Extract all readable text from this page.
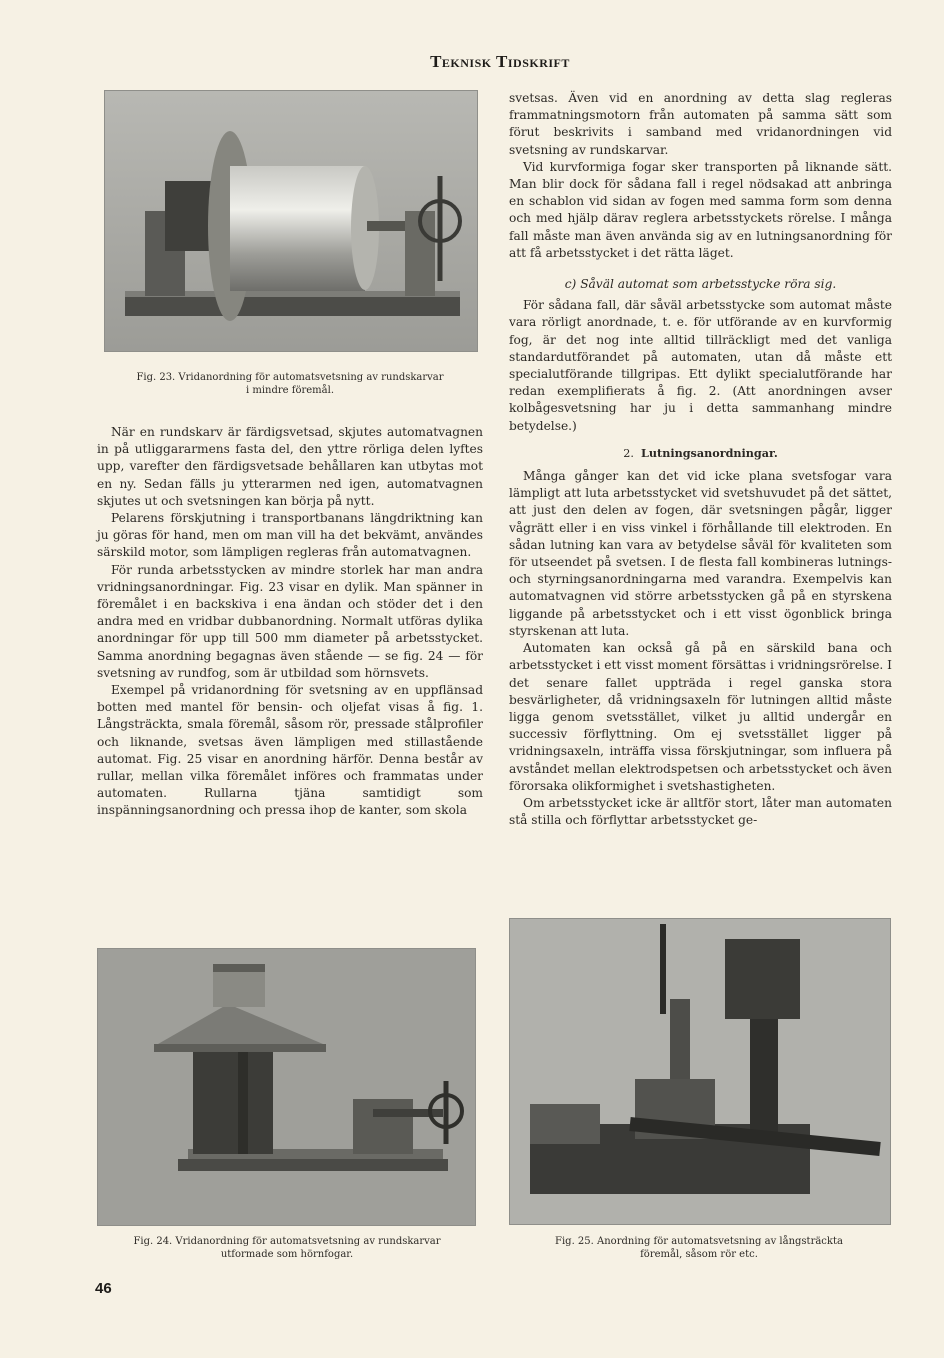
Teknisk Tidskrift
Fig. 23. Vridanordning för automatsvetsning av rundskarvar
i mindre föremål.

När en rundskarv är färdigsvetsad, skjutes automatvagnen in på utliggararmens fasta del, den yttre rörliga delen lyftes upp, varefter den färdigsvetsade behållaren kan utbytas mot en ny. Sedan fälls ju ytterarmen ned igen, automatvagnen skjutes ut och svetsningen kan börja på nytt.

Pelarens förskjutning i transportbanans längdriktning kan ju göras för hand, men om man vill ha det bekvämt, användes särskild motor, som lämpligen regleras från automatvagnen.

För runda arbetsstycken av mindre storlek har man andra vridningsanordningar. Fig. 23 visar en dylik. Man spänner in föremålet i en backskiva i ena ändan och stöder det i den andra med en vridbar dubbanordning. Normalt utföras dylika anordningar för upp till 500 mm diameter på arbetsstycket. Samma anordning begagnas även stående — se fig. 24 — för svetsning av rundfog, som är utbildad som hörnsvets.

Exempel på vridanordning för svetsning av en uppflänsad botten med mantel för bensin- och oljefat visas å fig. 1. Långsträckta, smala föremål, såsom rör, pressade stålprofiler och liknande, svetsas även lämpligen med stillastående automat. Fig. 25 visar en anordning härför. Denna består av rullar, mellan vilka föremålet införes och frammatas under automaten. Rullarna tjäna samtidigt som inspänningsanordning och pressa ihop de kanter, som skola

svetsas. Även vid en anordning av detta slag regleras frammatningsmotorn från automaten på samma sätt som förut beskrivits i samband med vridanordningen vid svetsning av rundskarvar.

Vid kurvformiga fogar sker transporten på liknande sätt. Man blir dock för sådana fall i regel nödsakad att anbringa en schablon vid sidan av fogen med samma form som denna och med hjälp därav reglera arbetsstyckets rörelse. I många fall måste man även använda sig av en lutningsanordning för att få arbetsstycket i det rätta läget.

c) Såväl automat som arbetsstycke röra sig.

För sådana fall, där såväl arbetsstycke som automat måste vara rörligt anordnade, t. e. för utförande av en kurvformig fog, är det nog inte alltid tillräckligt med det vanliga standardutförandet på automaten, utan då måste ett specialutförande tillgripas. Ett dylikt specialutförande har redan exemplifierats å fig. 2. (Att anordningen avser kolbågesvetsning har ju i detta sammanhang mindre betydelse.)

2. Lutningsanordningar.

Många gånger kan det vid icke plana svetsfogar vara lämpligt att luta arbetsstycket vid svetshuvudet på det sättet, att just den delen av fogen, där svetsningen pågår, ligger vågrätt eller i en viss vinkel i förhållande till elektroden. En sådan lutning kan vara av betydelse såväl för kvaliteten som för utseendet på svetsen. I de flesta fall kombineras lutnings- och styrningsanordningarna med varandra. Exempelvis kan automatvagnen vid större arbetsstycken gå på en styrskena liggande på arbetsstycket och i ett visst ögonblick bringa styrskenan att luta.

Automaten kan också gå på en särskild bana och arbetsstycket i ett visst moment försättas i vridningsrörelse. I det senare fallet uppträda i regel ganska stora besvärligheter, då vridningsaxeln för lutningen alltid måste ligga genom svetsstället, vilket ju alltid undergår en successiv förflyttning. Om ej svetsstället ligger på vridningsaxeln, inträffa vissa förskjutningar, som influera på avståndet mellan elektrodspetsen och arbetsstycket och även förorsaka olikformighet i svetshastigheten.

Om arbetsstycket icke är alltför stort, låter man automaten stå stilla och förflyttar arbetsstycket ge-

Fig. 24. Vridanordning för automatsvetsning av rundskarvar
utformade som hörnfogar.
Fig. 25. Anordning för automatsvetsning av långsträckta
föremål, såsom rör etc.
46
